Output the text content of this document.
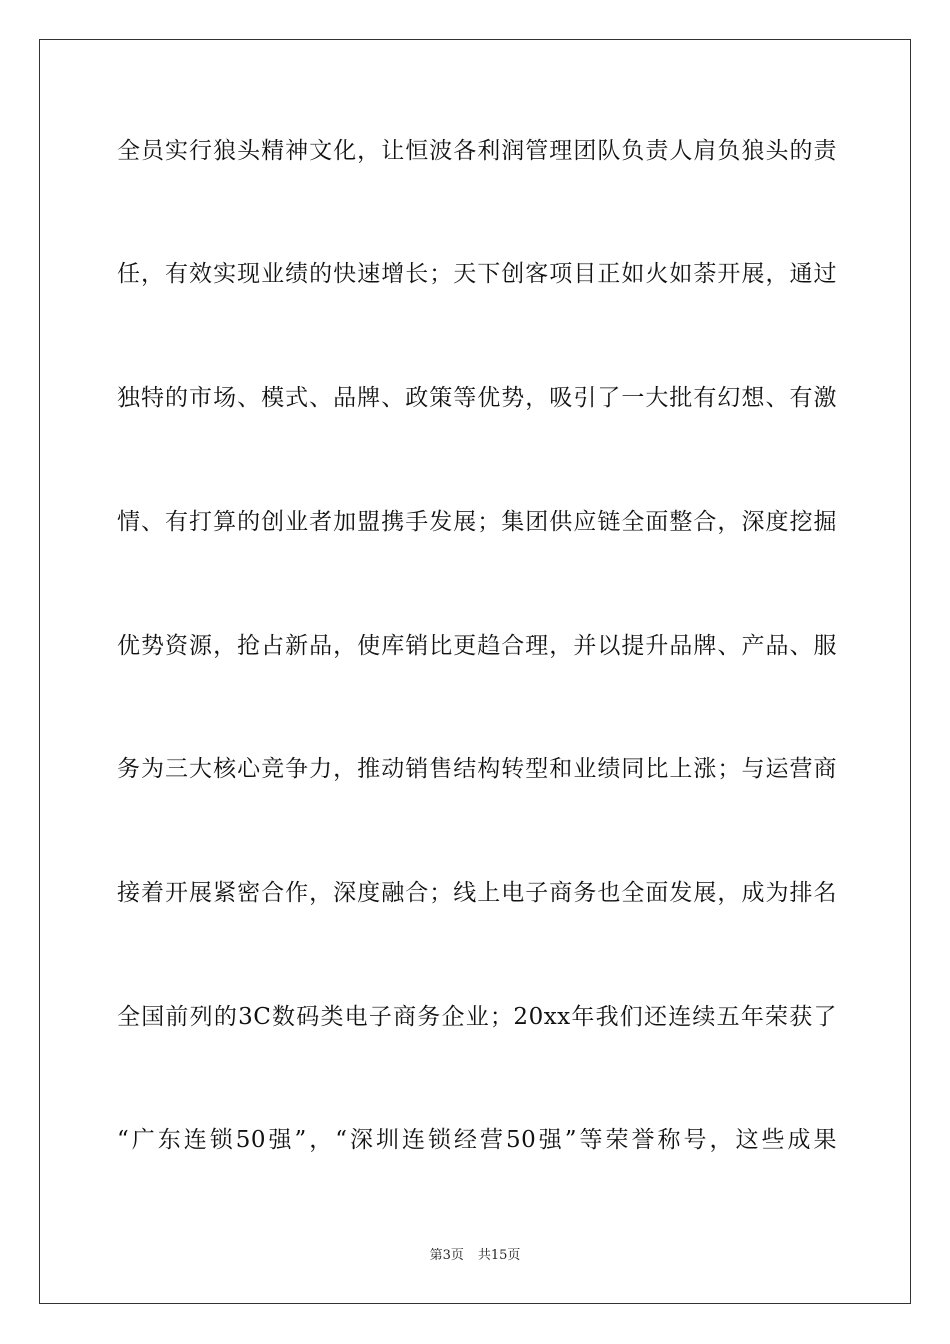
全员实行狼头精神文化，让恒波各利润管理团队负责人肩负狼头的责
任，有效实现业绩的快速增长；天下创客项目正如火如荼开展，通过
独特的市场、模式、品牌、政策等优势，吸引了一大批有幻想、有激
情、有打算的创业者加盟携手发展；集团供应链全面整合，深度挖掘
优势资源，抢占新品，使库销比更趋合理，并以提升品牌、产品、服
务为三大核心竞争力，推动销售结构转型和业绩同比上涨；与运营商
接着开展紧密合作，深度融合；线上电子商务也全面发展，成为排名
全国前列的3C数码类电子商务企业；20xx年我们还连续五年荣获了
“广东连锁50强”，“深圳连锁经营50强”等荣誉称号，这些成果
第3页 共15页
